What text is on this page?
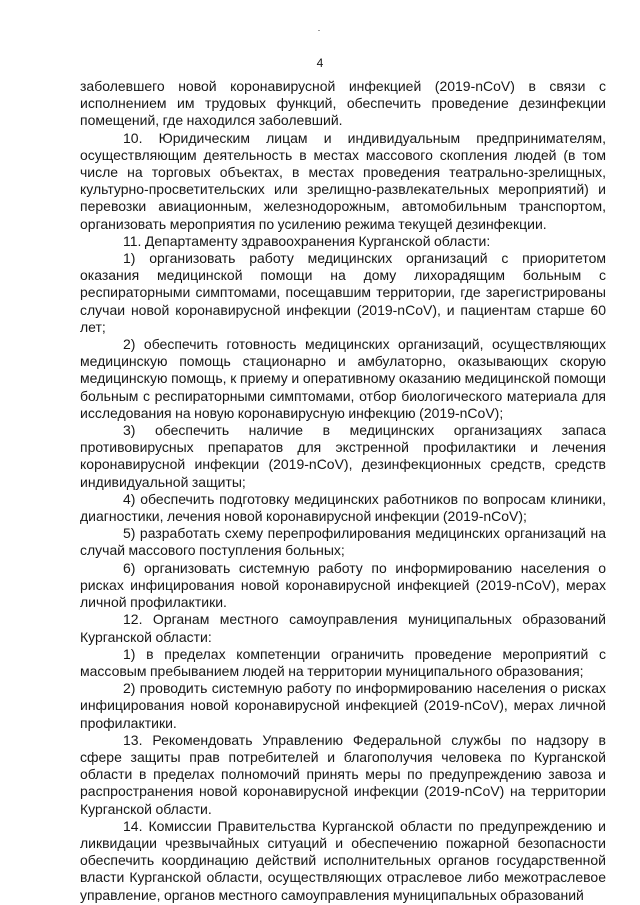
4

заболевшего новой коронавирусной инфекцией (2019-nCoV) в связи с исполнением им трудовых функций, обеспечить проведение дезинфекции помещений, где находился заболевший.

10. Юридическим лицам и индивидуальным предпринимателям, осуществляющим деятельность в местах массового скопления людей (в том числе на торговых объектах, в местах проведения театрально-зрелищных, культурно-просветительских или зрелищно-развлекательных мероприятий) и перевозки авиационным, железнодорожным, автомобильным транспортом, организовать мероприятия по усилению режима текущей дезинфекции.

11. Департаменту здравоохранения Курганской области:

1) организовать работу медицинских организаций с приоритетом оказания медицинской помощи на дому лихорадящим больным с респираторными симптомами, посещавшим территории, где зарегистрированы случаи новой коронавирусной инфекции (2019-nCoV), и пациентам старше 60 лет;

2) обеспечить готовность медицинских организаций, осуществляющих медицинскую помощь стационарно и амбулаторно, оказывающих скорую медицинскую помощь, к приему и оперативному оказанию медицинской помощи больным с респираторными симптомами, отбор биологического материала для исследования на новую коронавирусную инфекцию (2019-nCoV);

3) обеспечить наличие в медицинских организациях запаса противовирусных препаратов для экстренной профилактики и лечения коронавирусной инфекции (2019-nCoV), дезинфекционных средств, средств индивидуальной защиты;

4) обеспечить подготовку медицинских работников по вопросам клиники, диагностики, лечения новой коронавирусной инфекции (2019-nCoV);

5) разработать схему перепрофилирования медицинских организаций на случай массового поступления больных;

6) организовать системную работу по информированию населения о рисках инфицирования новой коронавирусной инфекцией (2019-nCoV), мерах личной профилактики.

12. Органам местного самоуправления муниципальных образований Курганской области:

1) в пределах компетенции ограничить проведение мероприятий с массовым пребыванием людей на территории муниципального образования;

2) проводить системную работу по информированию населения о рисках инфицирования новой коронавирусной инфекцией (2019-nCoV), мерах личной профилактики.

13. Рекомендовать Управлению Федеральной службы по надзору в сфере защиты прав потребителей и благополучия человека по Курганской области в пределах полномочий принять меры по предупреждению завоза и распространения новой коронавирусной инфекции (2019-nCoV) на территории Курганской области.

14. Комиссии Правительства Курганской области по предупреждению и ликвидации чрезвычайных ситуаций и обеспечению пожарной безопасности обеспечить координацию действий исполнительных органов государственной власти Курганской области, осуществляющих отраслевое либо межотраслевое управление, органов местного самоуправления муниципальных образований
